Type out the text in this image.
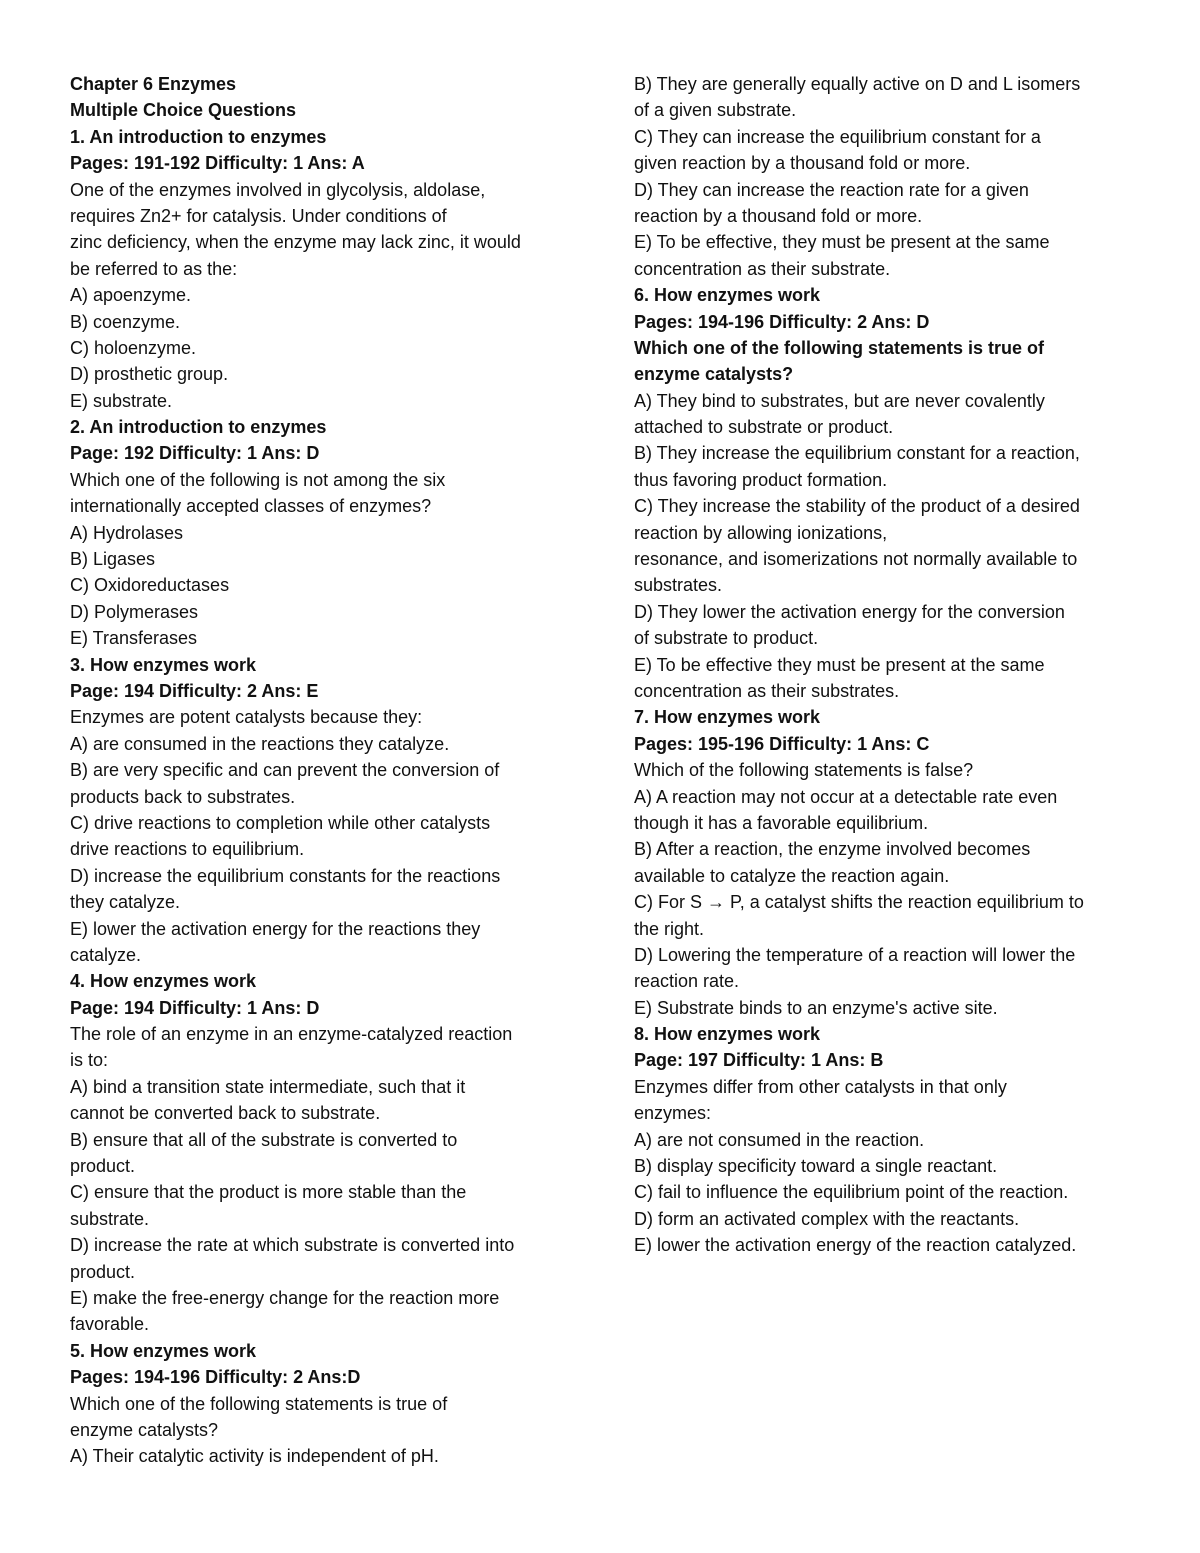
Chapter 6 Enzymes
Multiple Choice Questions
1. An introduction to enzymes
Pages: 191-192 Difficulty: 1 Ans: A
One of the enzymes involved in glycolysis, aldolase,
requires Zn2+ for catalysis. Under conditions of
zinc deficiency, when the enzyme may lack zinc, it would
be referred to as the:
A) apoenzyme.
B) coenzyme.
C) holoenzyme.
D) prosthetic group.
E) substrate.
2. An introduction to enzymes
Page: 192 Difficulty: 1 Ans: D
Which one of the following is not among the six
internationally accepted classes of enzymes?
A) Hydrolases
B) Ligases
C) Oxidoreductases
D) Polymerases
E) Transferases
3. How enzymes work
Page: 194 Difficulty: 2 Ans: E
Enzymes are potent catalysts because they:
A) are consumed in the reactions they catalyze.
B) are very specific and can prevent the conversion of
products back to substrates.
C) drive reactions to completion while other catalysts
drive reactions to equilibrium.
D) increase the equilibrium constants for the reactions
they catalyze.
E) lower the activation energy for the reactions they
catalyze.
4. How enzymes work
Page: 194 Difficulty: 1 Ans: D
The role of an enzyme in an enzyme-catalyzed reaction
is to:
A) bind a transition state intermediate, such that it
cannot be converted back to substrate.
B) ensure that all of the substrate is converted to
product.
C) ensure that the product is more stable than the
substrate.
D) increase the rate at which substrate is converted into
product.
E) make the free-energy change for the reaction more
favorable.
5. How enzymes work
Pages: 194-196 Difficulty: 2 Ans:D
Which one of the following statements is true of
enzyme catalysts?
A) Their catalytic activity is independent of pH.
B) They are generally equally active on D and L isomers
of a given substrate.
C) They can increase the equilibrium constant for a
given reaction by a thousand fold or more.
D) They can increase the reaction rate for a given
reaction by a thousand fold or more.
E) To be effective, they must be present at the same
concentration as their substrate.
6. How enzymes work
Pages: 194-196 Difficulty: 2 Ans: D
Which one of the following statements is true of
enzyme catalysts?
A) They bind to substrates, but are never covalently
attached to substrate or product.
B) They increase the equilibrium constant for a reaction,
thus favoring product formation.
C) They increase the stability of the product of a desired
reaction by allowing ionizations,
resonance, and isomerizations not normally available to
substrates.
D) They lower the activation energy for the conversion
of substrate to product.
E) To be effective they must be present at the same
concentration as their substrates.
7. How enzymes work
Pages: 195-196 Difficulty: 1 Ans: C
Which of the following statements is false?
A) A reaction may not occur at a detectable rate even
though it has a favorable equilibrium.
B) After a reaction, the enzyme involved becomes
available to catalyze the reaction again.
C) For S → P, a catalyst shifts the reaction equilibrium to
the right.
D) Lowering the temperature of a reaction will lower the
reaction rate.
E) Substrate binds to an enzyme's active site.
8. How enzymes work
Page: 197 Difficulty: 1 Ans: B
Enzymes differ from other catalysts in that only
enzymes:
A) are not consumed in the reaction.
B) display specificity toward a single reactant.
C) fail to influence the equilibrium point of the reaction.
D) form an activated complex with the reactants.
E) lower the activation energy of the reaction catalyzed.
